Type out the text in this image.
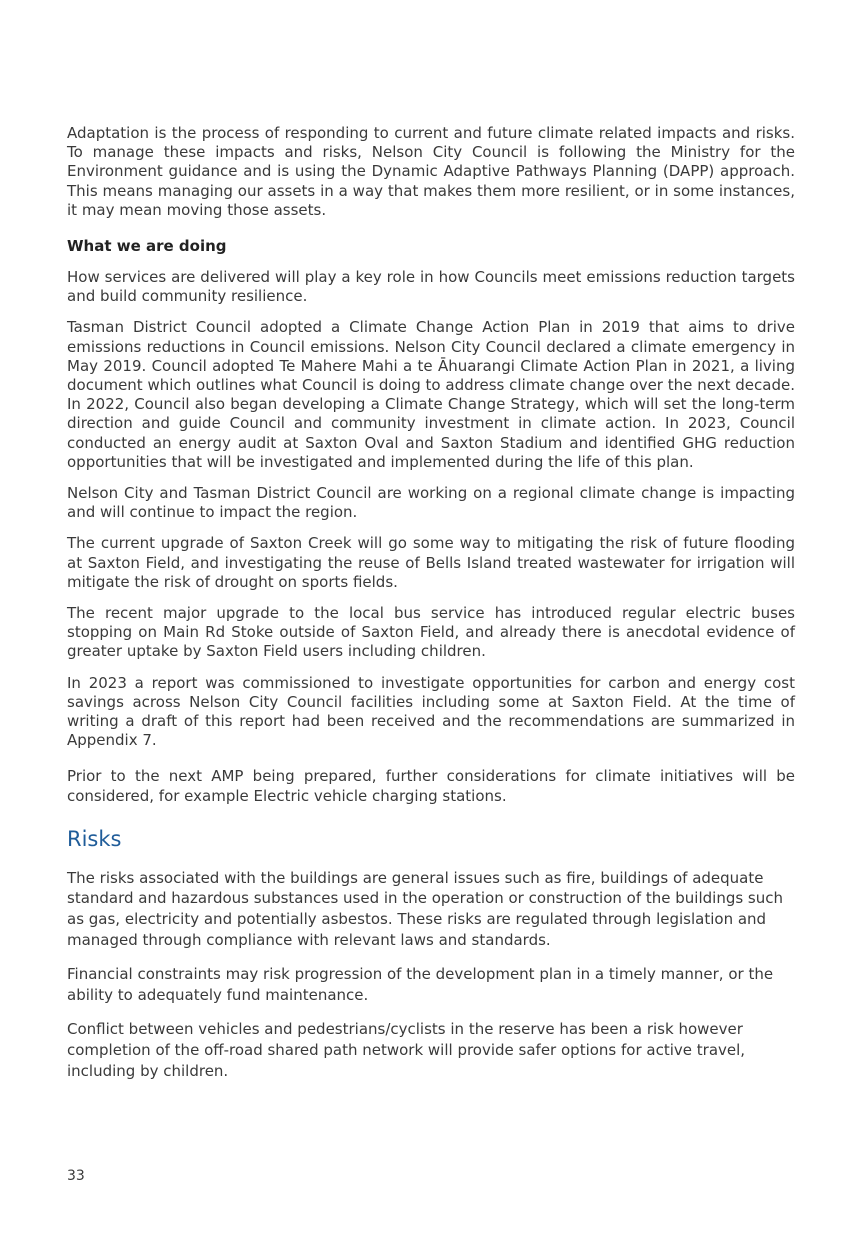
Adaptation is the process of responding to current and future climate related impacts and risks. To manage these impacts and risks, Nelson City Council is following the Ministry for the Environment guidance and is using the Dynamic Adaptive Pathways Planning (DAPP) approach. This means managing our assets in a way that makes them more resilient, or in some instances, it may mean moving those assets.

What we are doing

How services are delivered will play a key role in how Councils meet emissions reduction targets and build community resilience.

Tasman District Council adopted a Climate Change Action Plan in 2019 that aims to drive emissions reductions in Council emissions. Nelson City Council declared a climate emergency in May 2019. Council adopted Te Mahere Mahi a te Āhuarangi Climate Action Plan in 2021, a living document which outlines what Council is doing to address climate change over the next decade. In 2022, Council also began developing a Climate Change Strategy, which will set the long-term direction and guide Council and community investment in climate action. In 2023, Council conducted an energy audit at Saxton Oval and Saxton Stadium and identified GHG reduction opportunities that will be investigated and implemented during the life of this plan.

Nelson City and Tasman District Council are working on a regional climate change is impacting and will continue to impact the region.

The current upgrade of Saxton Creek will go some way to mitigating the risk of future flooding at Saxton Field, and investigating the reuse of Bells Island treated wastewater for irrigation will mitigate the risk of drought on sports fields.

The recent major upgrade to the local bus service has introduced regular electric buses stopping on Main Rd Stoke outside of Saxton Field, and already there is anecdotal evidence of greater uptake by Saxton Field users including children.

In 2023 a report was commissioned to investigate opportunities for carbon and energy cost savings across Nelson City Council facilities including some at Saxton Field. At the time of writing a draft of this report had been received and the recommendations are summarized in Appendix 7.

Prior to the next AMP being prepared, further considerations for climate initiatives will be considered, for example Electric vehicle charging stations.

Risks

The risks associated with the buildings are general issues such as fire, buildings of adequate standard and hazardous substances used in the operation or construction of the buildings such as gas, electricity and potentially asbestos. These risks are regulated through legislation and managed through compliance with relevant laws and standards.

Financial constraints may risk progression of the development plan in a timely manner, or the ability to adequately fund maintenance.

Conflict between vehicles and pedestrians/cyclists in the reserve has been a risk however completion of the off-road shared path network will provide safer options for active travel, including by children.

33
